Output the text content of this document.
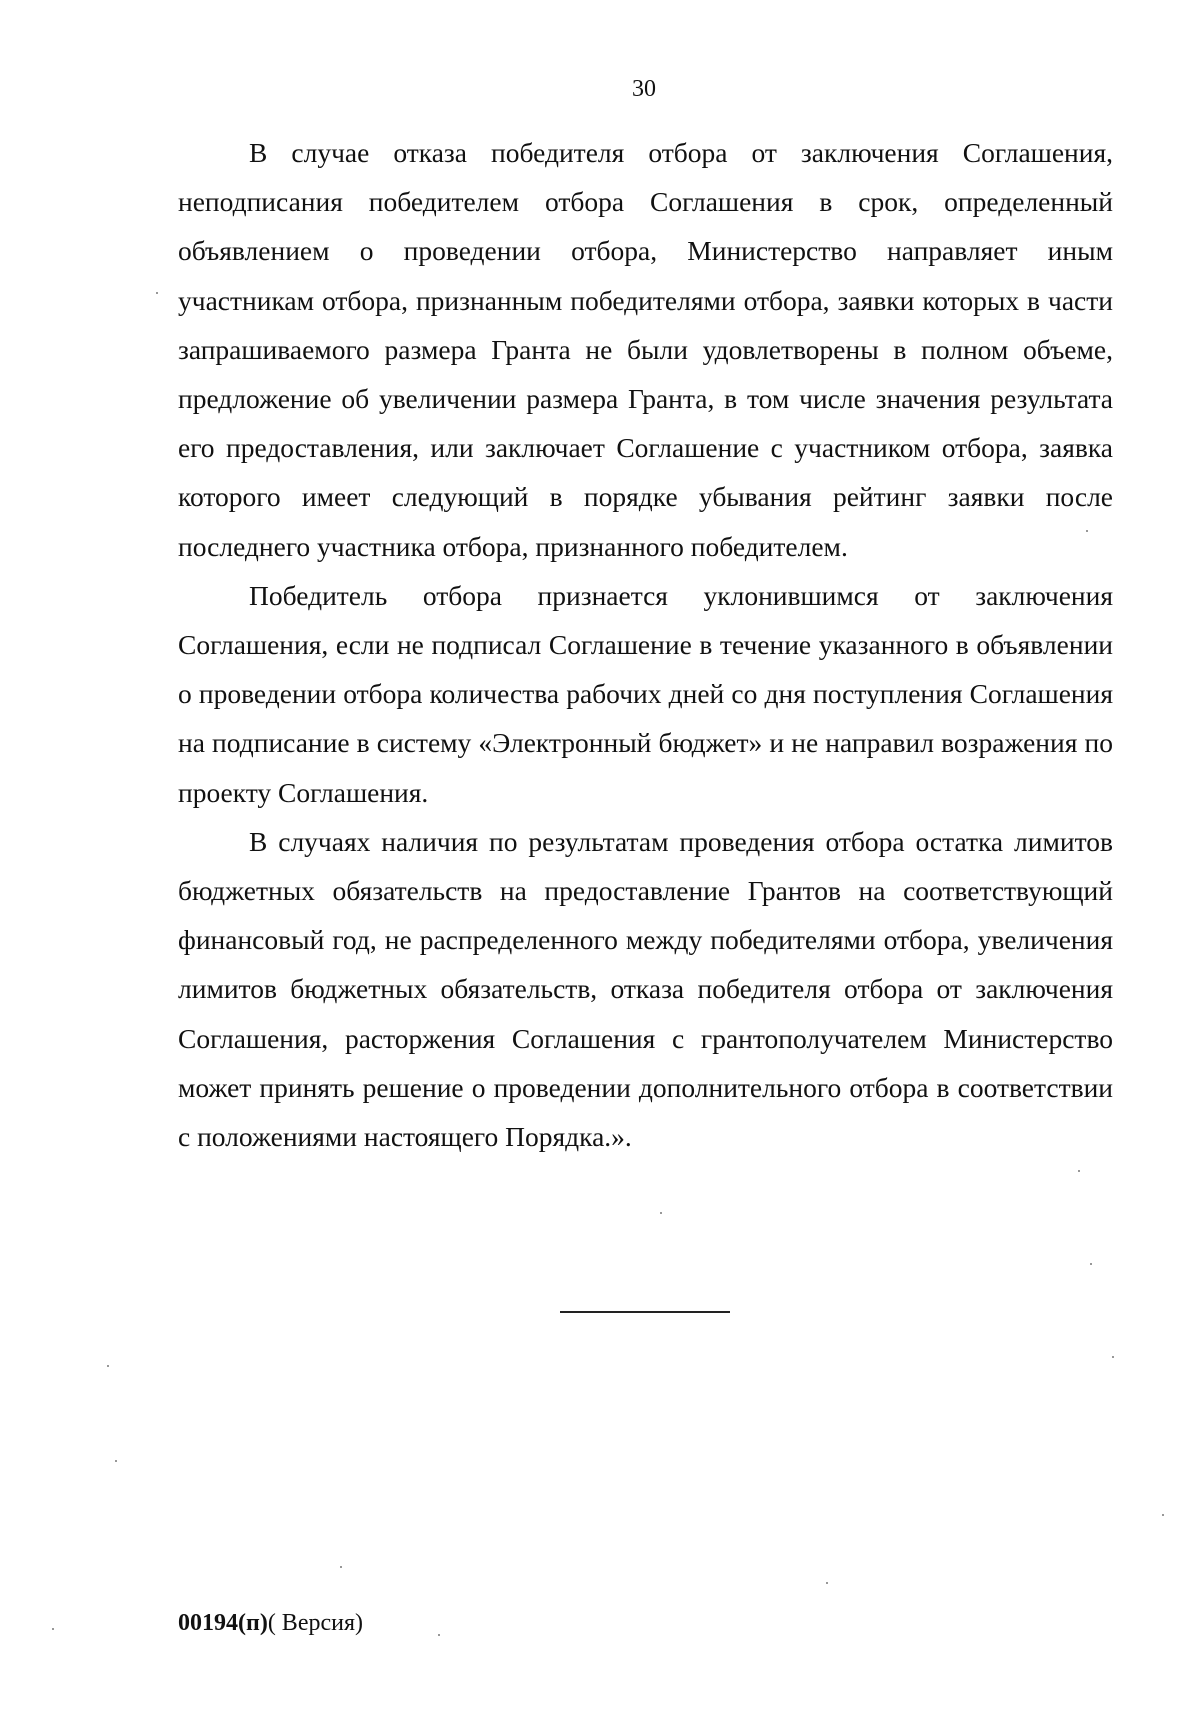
30

В случае отказа победителя отбора от заключения Соглашения, неподписания победителем отбора Соглашения в срок, определенный объявлением о проведении отбора, Министерство направляет иным участникам отбора, признанным победителями отбора, заявки которых в части запрашиваемого размера Гранта не были удовлетворены в полном объеме, предложение об увеличении размера Гранта, в том числе значения результата его предоставления, или заключает Соглашение с участником отбора, заявка которого имеет следующий в порядке убывания рейтинг заявки после последнего участника отбора, признанного победителем.

Победитель отбора признается уклонившимся от заключения Соглашения, если не подписал Соглашение в течение указанного в объявлении о проведении отбора количества рабочих дней со дня поступления Соглашения на подписание в систему «Электронный бюджет» и не направил возражения по проекту Соглашения.

В случаях наличия по результатам проведения отбора остатка лимитов бюджетных обязательств на предоставление Грантов на соответствующий финансовый год, не распределенного между победителями отбора, увеличения лимитов бюджетных обязательств, отказа победителя отбора от заключения Соглашения, расторжения Соглашения с грантополучателем Министерство может принять решение о проведении дополнительного отбора в соответствии с положениями настоящего Порядка.».

00194(п)( Версия)
